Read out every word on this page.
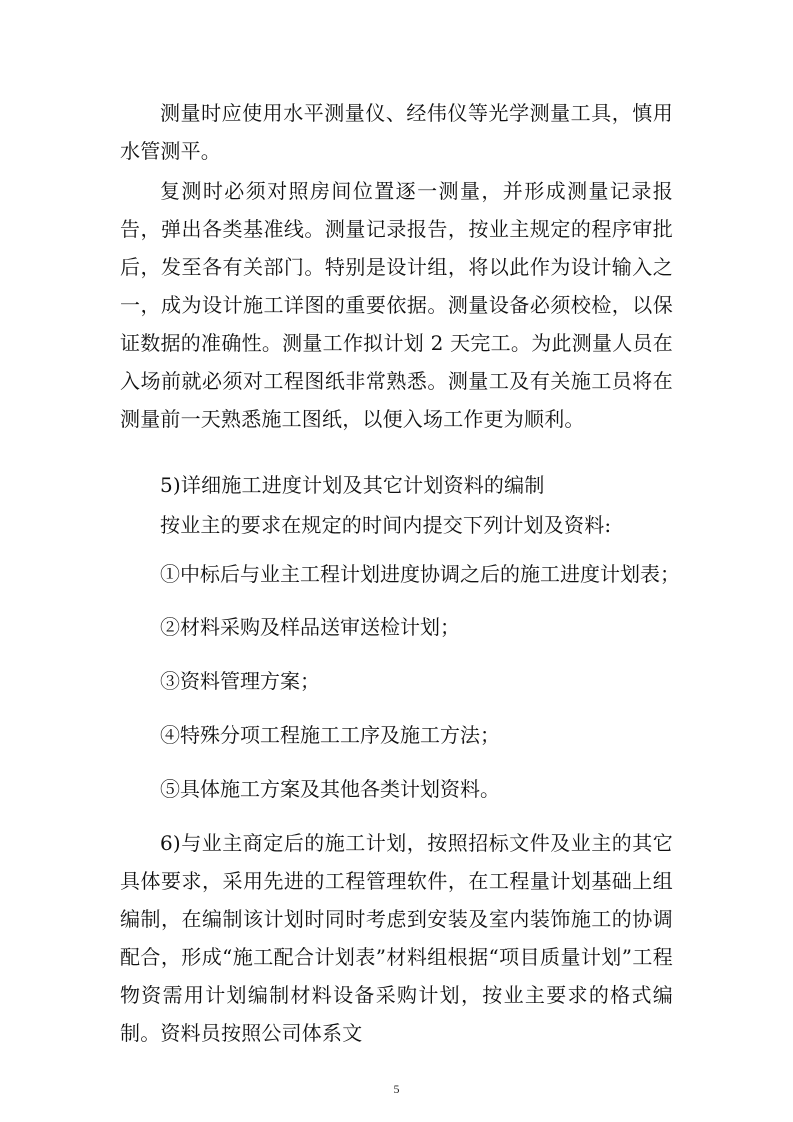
测量时应使用水平测量仪、经伟仪等光学测量工具，慎用水管测平。

复测时必须对照房间位置逐一测量，并形成测量记录报告，弹出各类基准线。测量记录报告，按业主规定的程序审批后，发至各有关部门。特别是设计组，将以此作为设计输入之一，成为设计施工详图的重要依据。测量设备必须校检，以保证数据的准确性。测量工作拟计划 2 天完工。为此测量人员在入场前就必须对工程图纸非常熟悉。测量工及有关施工员将在测量前一天熟悉施工图纸，以便入场工作更为顺利。

5)详细施工进度计划及其它计划资料的编制

按业主的要求在规定的时间内提交下列计划及资料:

①中标后与业主工程计划进度协调之后的施工进度计划表；

②材料采购及样品送审送检计划；

③资料管理方案；

④特殊分项工程施工工序及施工方法；

⑤具体施工方案及其他各类计划资料。

6)与业主商定后的施工计划，按照招标文件及业主的其它具体要求，采用先进的工程管理软件，在工程量计划基础上组编制，在编制该计划时同时考虑到安装及室内装饰施工的协调配合，形成“施工配合计划表”材料组根据“项目质量计划”工程物资需用计划编制材料设备采购计划，按业主要求的格式编制。资料员按照公司体系文

5
